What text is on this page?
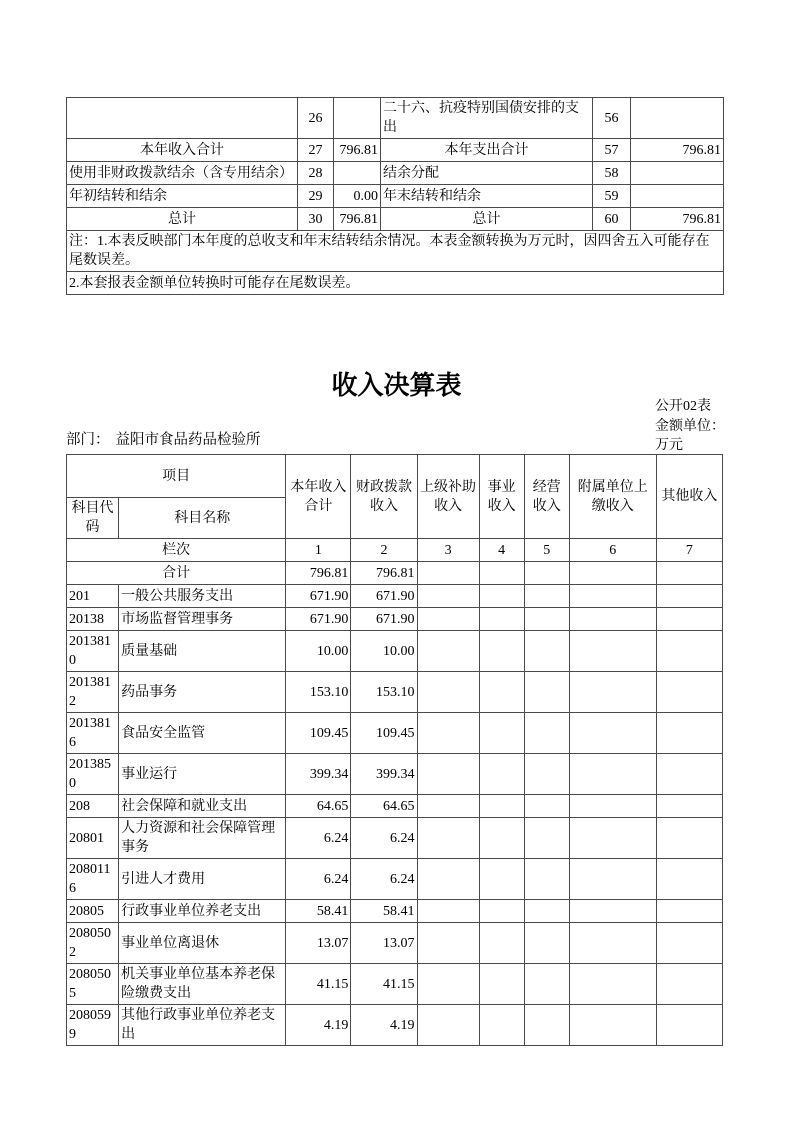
	26		二十六、抗疫特别国债安排的支出	56	
本年收入合计	27	796.81	本年支出合计	57	796.81
使用非财政拨款结余（含专用结余）	28		结余分配	58	
年初结转和结余	29	0.00	年末结转和结余	59	
总计	30	796.81	总计	60	796.81
注：1.本表反映部门本年度的总收支和年末结转结余情况。本表金额转换为万元时，因四舍五入可能存在尾数误差。					
2.本套报表金额单位转换时可能存在尾数误差。					
收入决算表
公开02表
金额单位：
万元
部门： 益阳市食品药品检验所
项目		本年收入合计	财政拨款收入	上级补助收入	事业收入	经营收入	附属单位上缴收入	其他收入
科目代码	科目名称							
栏次		1	2	3	4	5	6	7
合计		796.81	796.81					
201	一般公共服务支出	671.90	671.90					
20138	市场监督管理事务	671.90	671.90					
2013810	质量基础	10.00	10.00					
2013812	药品事务	153.10	153.10					
2013816	食品安全监管	109.45	109.45					
2013850	事业运行	399.34	399.34					
208	社会保障和就业支出	64.65	64.65					
20801	人力资源和社会保障管理事务	6.24	6.24					
2080116	引进人才费用	6.24	6.24					
20805	行政事业单位养老支出	58.41	58.41					
2080502	事业单位离退休	13.07	13.07					
2080505	机关事业单位基本养老保险缴费支出	41.15	41.15					
2080599	其他行政事业单位养老支出	4.19	4.19					
